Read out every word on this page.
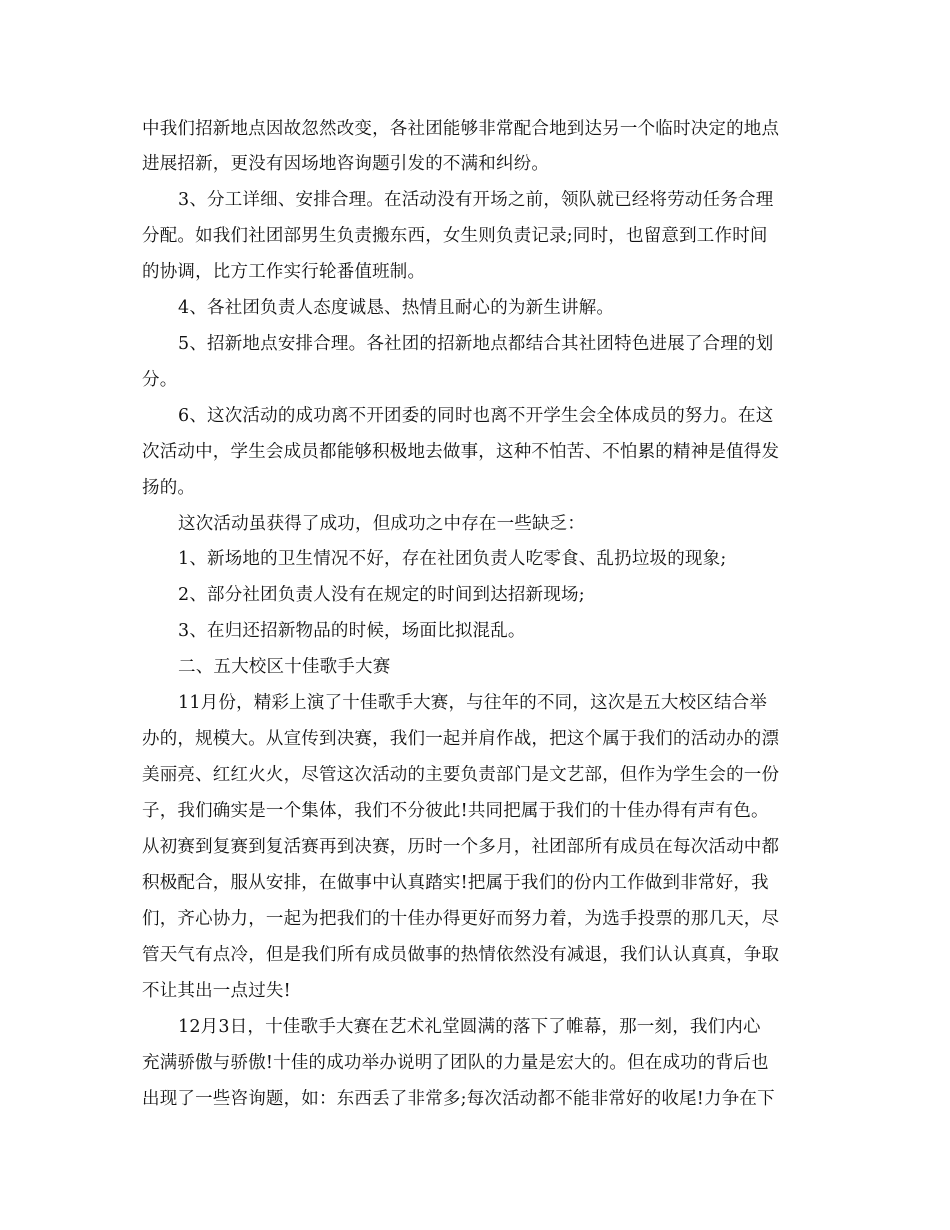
中我们招新地点因故忽然改变，各社团能够非常配合地到达另一个临时决定的地点
进展招新，更没有因场地咨询题引发的不满和纠纷。
3、分工详细、安排合理。在活动没有开场之前，领队就已经将劳动任务合理
分配。如我们社团部男生负责搬东西，女生则负责记录;同时，也留意到工作时间
的协调，比方工作实行轮番值班制。
4、各社团负责人态度诚恳、热情且耐心的为新生讲解。
5、招新地点安排合理。各社团的招新地点都结合其社团特色进展了合理的划
分。
6、这次活动的成功离不开团委的同时也离不开学生会全体成员的努力。在这
次活动中，学生会成员都能够积极地去做事，这种不怕苦、不怕累的精神是值得发
扬的。
这次活动虽获得了成功，但成功之中存在一些缺乏：
1、新场地的卫生情况不好，存在社团负责人吃零食、乱扔垃圾的现象;
2、部分社团负责人没有在规定的时间到达招新现场;
3、在归还招新物品的时候，场面比拟混乱。
二、五大校区十佳歌手大赛
11月份，精彩上演了十佳歌手大赛，与往年的不同，这次是五大校区结合举
办的，规模大。从宣传到决赛，我们一起并肩作战，把这个属于我们的活动办的漂
美丽亮、红红火火，尽管这次活动的主要负责部门是文艺部，但作为学生会的一份
子，我们确实是一个集体，我们不分彼此!共同把属于我们的十佳办得有声有色。
从初赛到复赛到复活赛再到决赛，历时一个多月，社团部所有成员在每次活动中都
积极配合，服从安排，在做事中认真踏实!把属于我们的份内工作做到非常好，我
们，齐心协力，一起为把我们的十佳办得更好而努力着，为选手投票的那几天，尽
管天气有点冷，但是我们所有成员做事的热情依然没有减退，我们认认真真，争取
不让其出一点过失!
12月3日，十佳歌手大赛在艺术礼堂圆满的落下了帷幕，那一刻，我们内心
充满骄傲与骄傲!十佳的成功举办说明了团队的力量是宏大的。但在成功的背后也
出现了一些咨询题，如：东西丢了非常多;每次活动都不能非常好的收尾!力争在下
